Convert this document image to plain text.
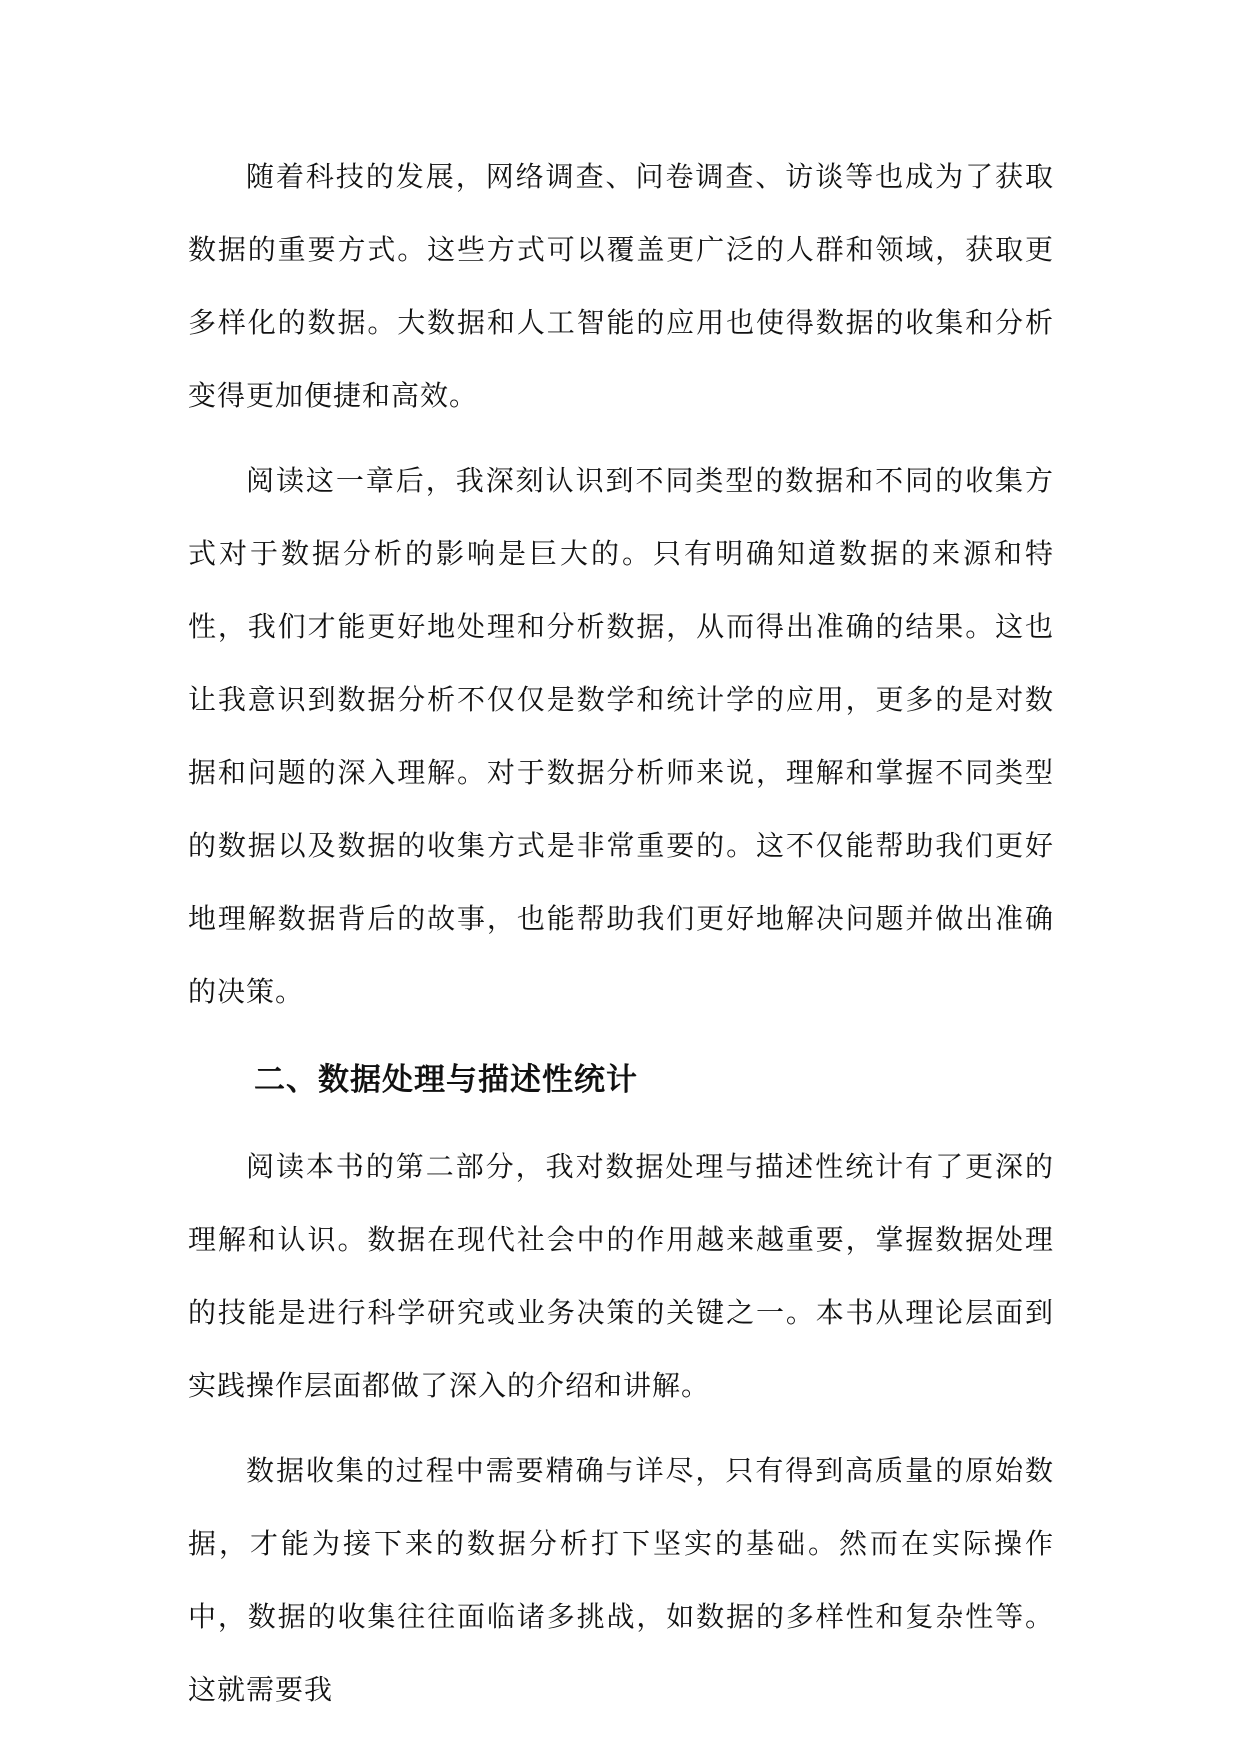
随着科技的发展，网络调查、问卷调查、访谈等也成为了获取数据的重要方式。这些方式可以覆盖更广泛的人群和领域，获取更多样化的数据。大数据和人工智能的应用也使得数据的收集和分析变得更加便捷和高效。

阅读这一章后，我深刻认识到不同类型的数据和不同的收集方式对于数据分析的影响是巨大的。只有明确知道数据的来源和特性，我们才能更好地处理和分析数据，从而得出准确的结果。这也让我意识到数据分析不仅仅是数学和统计学的应用，更多的是对数据和问题的深入理解。对于数据分析师来说，理解和掌握不同类型的数据以及数据的收集方式是非常重要的。这不仅能帮助我们更好地理解数据背后的故事，也能帮助我们更好地解决问题并做出准确的决策。

二、数据处理与描述性统计

阅读本书的第二部分，我对数据处理与描述性统计有了更深的理解和认识。数据在现代社会中的作用越来越重要，掌握数据处理的技能是进行科学研究或业务决策的关键之一。本书从理论层面到实践操作层面都做了深入的介绍和讲解。

数据收集的过程中需要精确与详尽，只有得到高质量的原始数据，才能为接下来的数据分析打下坚实的基础。然而在实际操作中，数据的收集往往面临诸多挑战，如数据的多样性和复杂性等。这就需要我
